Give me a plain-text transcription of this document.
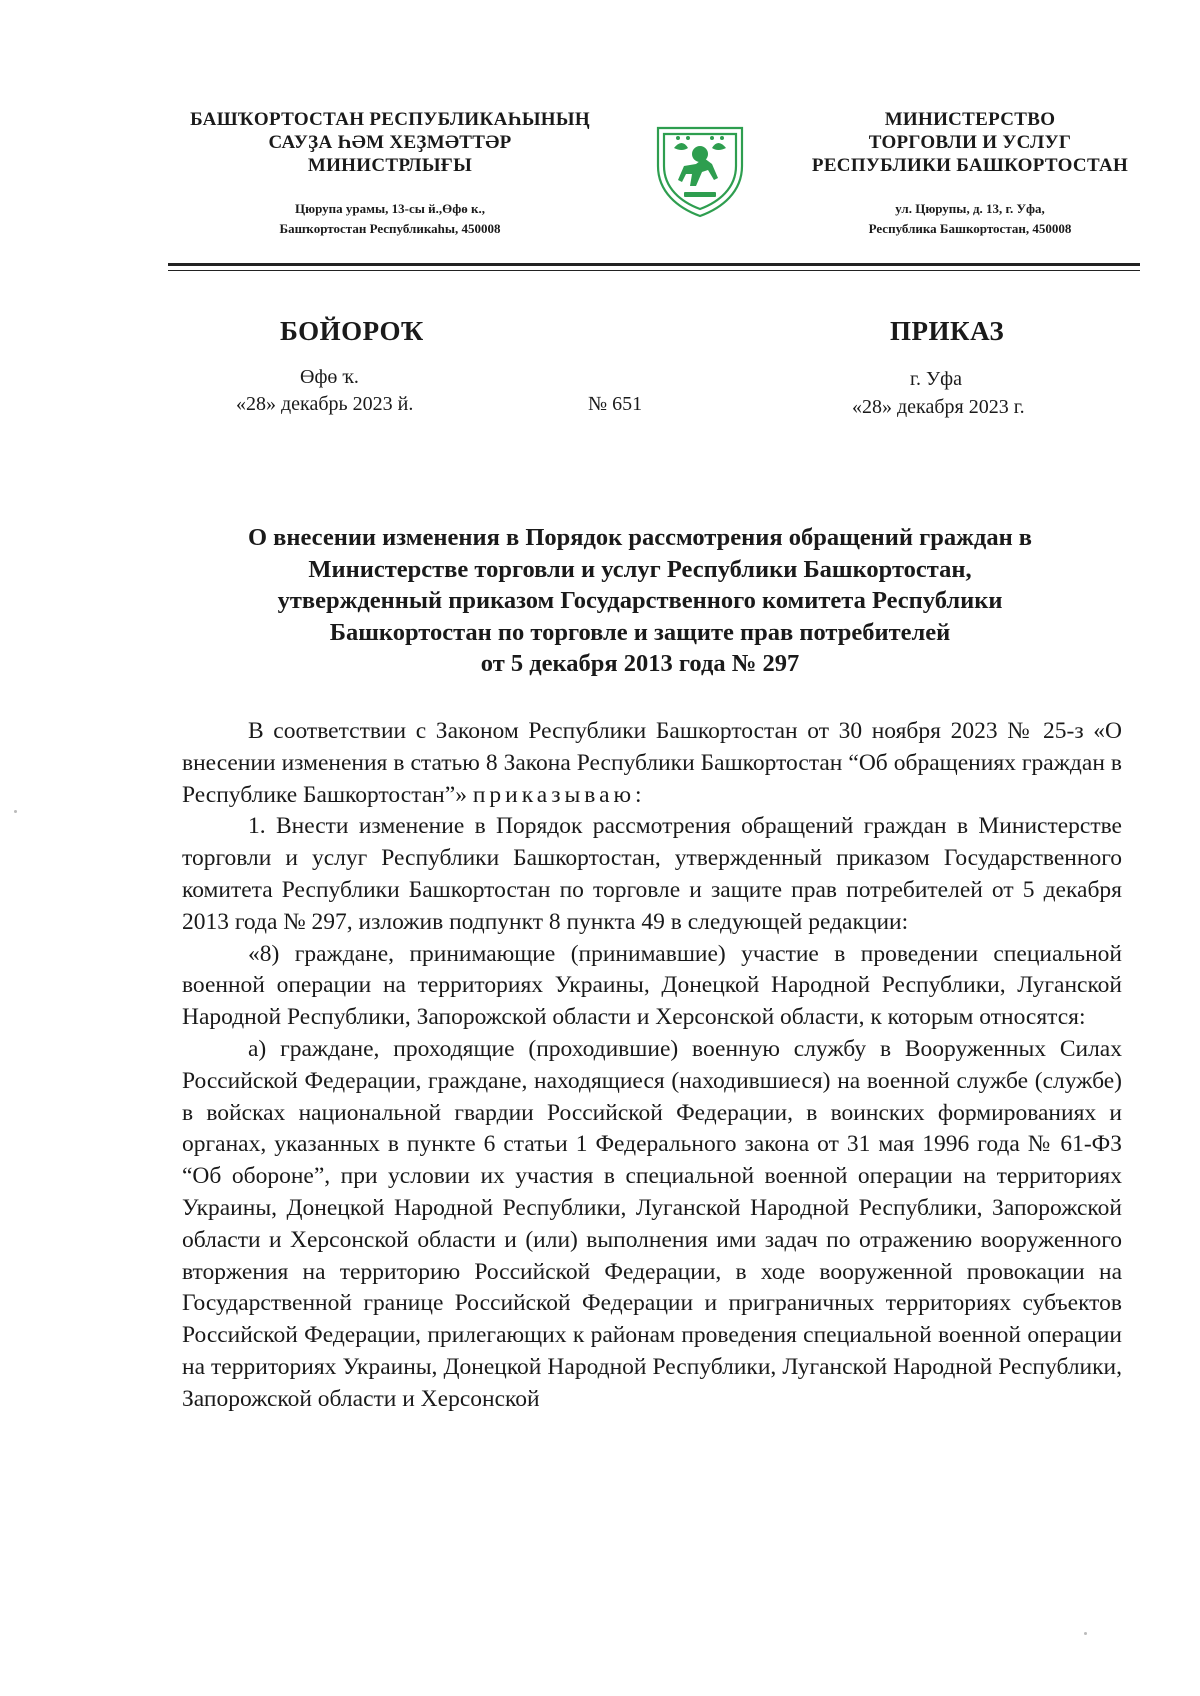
БАШҠОРТОСТАН РЕСПУБЛИКАҺЫНЫҢ
САУҘА ҺӘМ ХЕҘМӘТТӘР
МИНИСТРЛЫҒЫ
Цюрупа урамы, 13-сы й.,Өфө к.,
Башҡортостан Республикаһы, 450008
МИНИСТЕРСТВО
ТОРГОВЛИ И УСЛУГ
РЕСПУБЛИКИ БАШКОРТОСТАН
ул. Цюрупы, д. 13, г. Уфа,
Республика Башкортостан, 450008
БОЙОРОҠ	ПРИКАЗ
Өфө ҡ.
«28» декабрь 2023 й.	№ 651
г. Уфа
«28» декабря 2023 г.
О внесении изменения в Порядок рассмотрения обращений граждан в
Министерстве торговли и услуг Республики Башкортостан,
утвержденный приказом Государственного комитета Республики
Башкортостан по торговле и защите прав потребителей
от 5 декабря 2013 года № 297

В соответствии с Законом Республики Башкортостан от 30 ноября 2023 № 25-з «О внесении изменения в статью 8 Закона Республики Башкортостан “Об обращениях граждан в Республике Башкортостан”» приказываю:

1. Внести изменение в Порядок рассмотрения обращений граждан в Министерстве торговли и услуг Республики Башкортостан, утвержденный приказом Государственного комитета Республики Башкортостан по торговле и защите прав потребителей от 5 декабря 2013 года № 297, изложив подпункт 8 пункта 49 в следующей редакции:

«8) граждане, принимающие (принимавшие) участие в проведении специальной военной операции на территориях Украины, Донецкой Народной Республики, Луганской Народной Республики, Запорожской области и Херсонской области, к которым относятся:

а) граждане, проходящие (проходившие) военную службу в Вооруженных Силах Российской Федерации, граждане, находящиеся (находившиеся) на военной службе (службе) в войсках национальной гвардии Российской Федерации, в воинских формированиях и органах, указанных в пункте 6 статьи 1 Федерального закона от 31 мая 1996 года № 61-ФЗ “Об обороне”, при условии их участия в специальной военной операции на территориях Украины, Донецкой Народной Республики, Луганской Народной Республики, Запорожской области и Херсонской области и (или) выполнения ими задач по отражению вооруженного вторжения на территорию Российской Федерации, в ходе вооруженной провокации на Государственной границе Российской Федерации и приграничных территориях субъектов Российской Федерации, прилегающих к районам проведения специальной военной операции на территориях Украины, Донецкой Народной Республики, Луганской Народной Республики, Запорожской области и Херсонской
